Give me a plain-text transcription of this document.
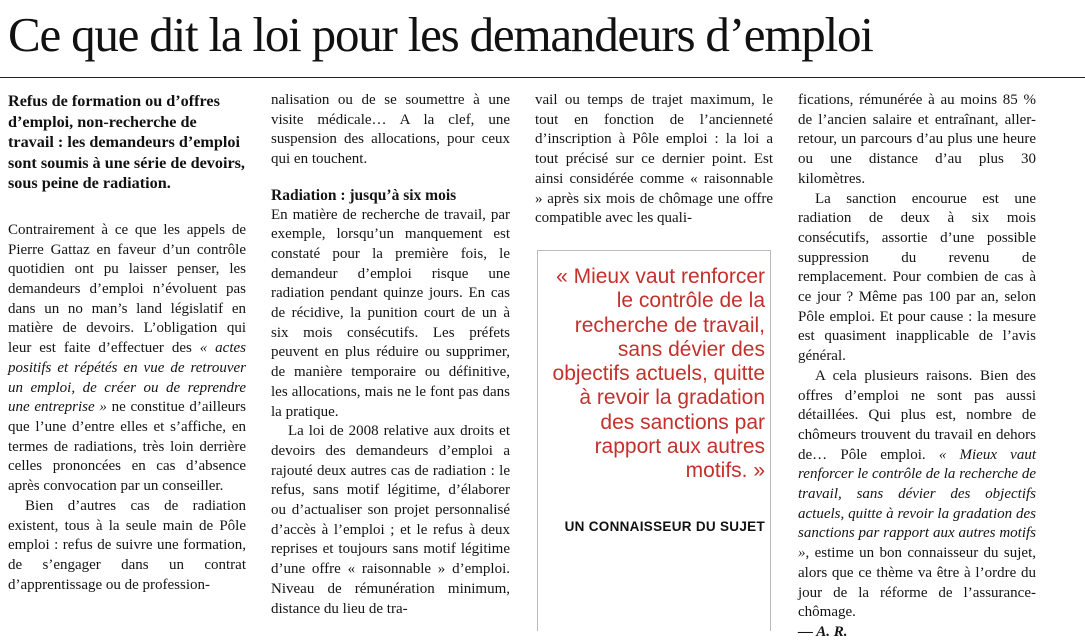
Ce que dit la loi pour les demandeurs d’emploi

Refus de formation ou d’offres d’emploi, non-recherche de travail : les demandeurs d’emploi sont soumis à une série de devoirs, sous peine de radiation.

Contrairement à ce que les appels de Pierre Gattaz en faveur d’un contrôle quotidien ont pu laisser penser, les demandeurs d’emploi n’évoluent pas dans un no man’s land législatif en matière de devoirs. L’obligation qui leur est faite d’effectuer des « actes positifs et répétés en vue de retrouver un emploi, de créer ou de reprendre une entreprise » ne constitue d’ailleurs que l’une d’entre elles et s’affiche, en termes de radiations, très loin derrière celles prononcées en cas d’absence après convocation par un conseiller.

Bien d’autres cas de radiation existent, tous à la seule main de Pôle emploi : refus de suivre une formation, de s’engager dans un contrat d’apprentissage ou de profession-

nalisation ou de se soumettre à une visite médicale… A la clef, une suspension des allocations, pour ceux qui en touchent.

Radiation : jusqu’à six mois

En matière de recherche de travail, par exemple, lorsqu’un manquement est constaté pour la première fois, le demandeur d’emploi risque une radiation pendant quinze jours. En cas de récidive, la punition court de un à six mois consécutifs. Les préfets peuvent en plus réduire ou supprimer, de manière temporaire ou définitive, les allocations, mais ne le font pas dans la pratique.

La loi de 2008 relative aux droits et devoirs des demandeurs d’emploi a rajouté deux autres cas de radiation : le refus, sans motif légitime, d’élaborer ou d’actualiser son projet personnalisé d’accès à l’emploi ; et le refus à deux reprises et toujours sans motif légitime d’une offre « raisonnable » d’emploi. Niveau de rémunération minimum, distance du lieu de tra-

vail ou temps de trajet maximum, le tout en fonction de l’ancienneté d’inscription à Pôle emploi : la loi a tout précisé sur ce dernier point. Est ainsi considérée comme « raisonnable » après six mois de chômage une offre compatible avec les quali-

« Mieux vaut renforcer le contrôle de la recherche de travail, sans dévier des objectifs actuels, quitte à revoir la gradation des sanctions par rapport aux autres motifs. »

UN CONNAISSEUR DU SUJET

fications, rémunérée à au moins 85 % de l’ancien salaire et entraînant, aller-retour, un parcours d’au plus une heure ou une distance d’au plus 30 kilomètres.

La sanction encourue est une radiation de deux à six mois consécutifs, assortie d’une possible suppression du revenu de remplacement. Pour combien de cas à ce jour ? Même pas 100 par an, selon Pôle emploi. Et pour cause : la mesure est quasiment inapplicable de l’avis général.

A cela plusieurs raisons. Bien des offres d’emploi ne sont pas aussi détaillées. Qui plus est, nombre de chômeurs trouvent du travail en dehors de… Pôle emploi. « Mieux vaut renforcer le contrôle de la recherche de travail, sans dévier des objectifs actuels, quitte à revoir la gradation des sanctions par rapport aux autres motifs », estime un bon connaisseur du sujet, alors que ce thème va être à l’ordre du jour de la réforme de l’assurance-chômage.

— A. R.
